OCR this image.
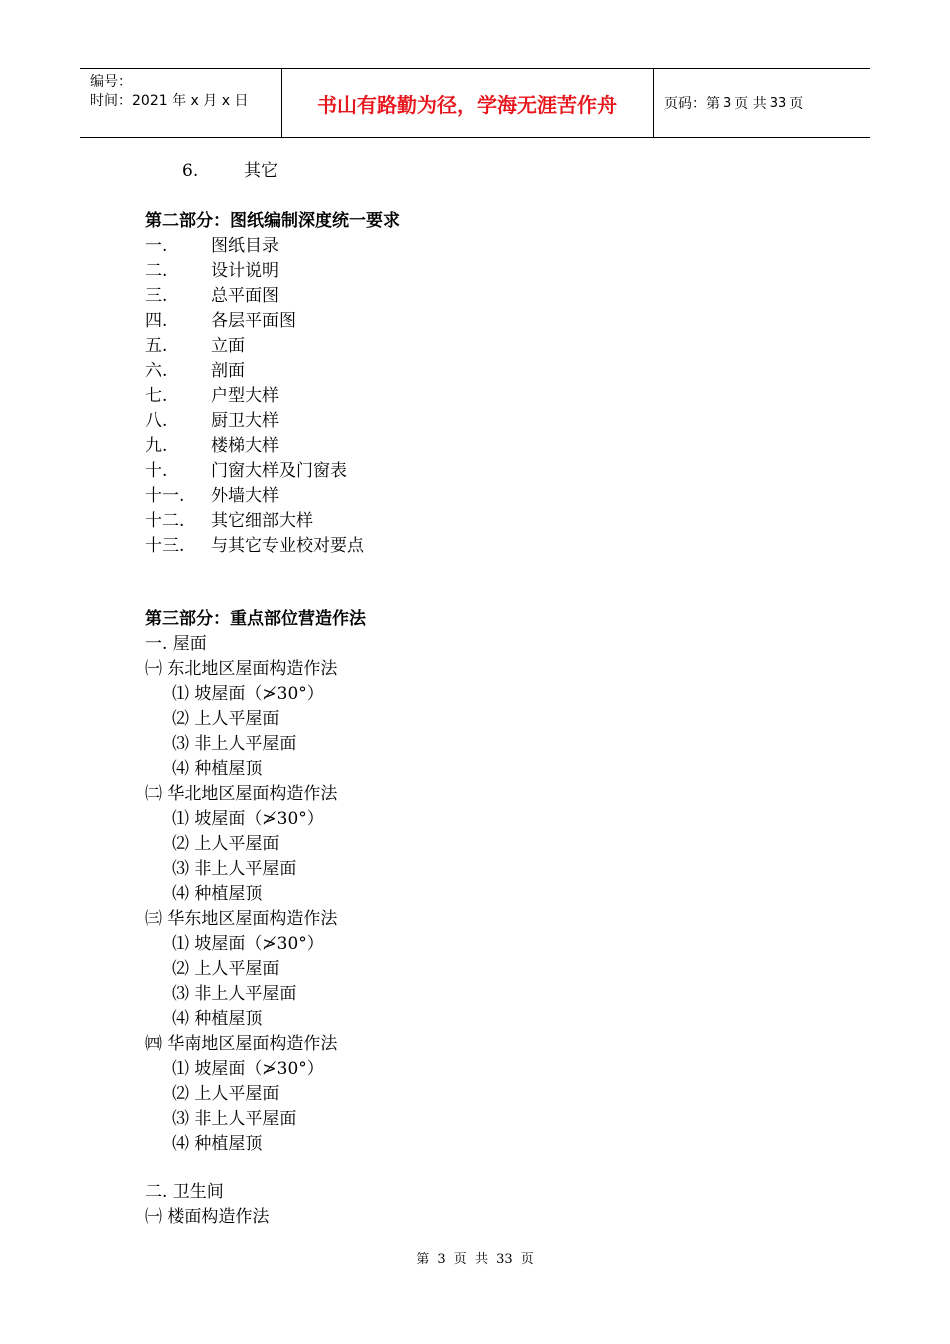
编号：
时间：2021 年 x 月 x 日	书山有路勤为径，学海无涯苦作舟	页码：第 3 页 共 33 页
6.	其它
第二部分：图纸编制深度统一要求
一.	图纸目录
二.	设计说明
三.	总平面图
四.	各层平面图
五.	立面
六.	剖面
七.	户型大样
八.	厨卫大样
九.	楼梯大样
十.	门窗大样及门窗表
十一. 外墙大样
十二. 其它细部大样
十三. 与其它专业校对要点
第三部分：重点部位营造作法
一. 屋面
㈠ 东北地区屋面构造作法
⑴ 坡屋面（≯30°）
⑵ 上人平屋面
⑶ 非上人平屋面
⑷ 种植屋顶
㈡ 华北地区屋面构造作法
⑴ 坡屋面（≯30°）
⑵ 上人平屋面
⑶ 非上人平屋面
⑷ 种植屋顶
㈢ 华东地区屋面构造作法
⑴ 坡屋面（≯30°）
⑵ 上人平屋面
⑶ 非上人平屋面
⑷ 种植屋顶
㈣ 华南地区屋面构造作法
⑴ 坡屋面（≯30°）
⑵ 上人平屋面
⑶ 非上人平屋面
⑷ 种植屋顶
二. 卫生间
㈠ 楼面构造作法
第 3 页 共 33 页
